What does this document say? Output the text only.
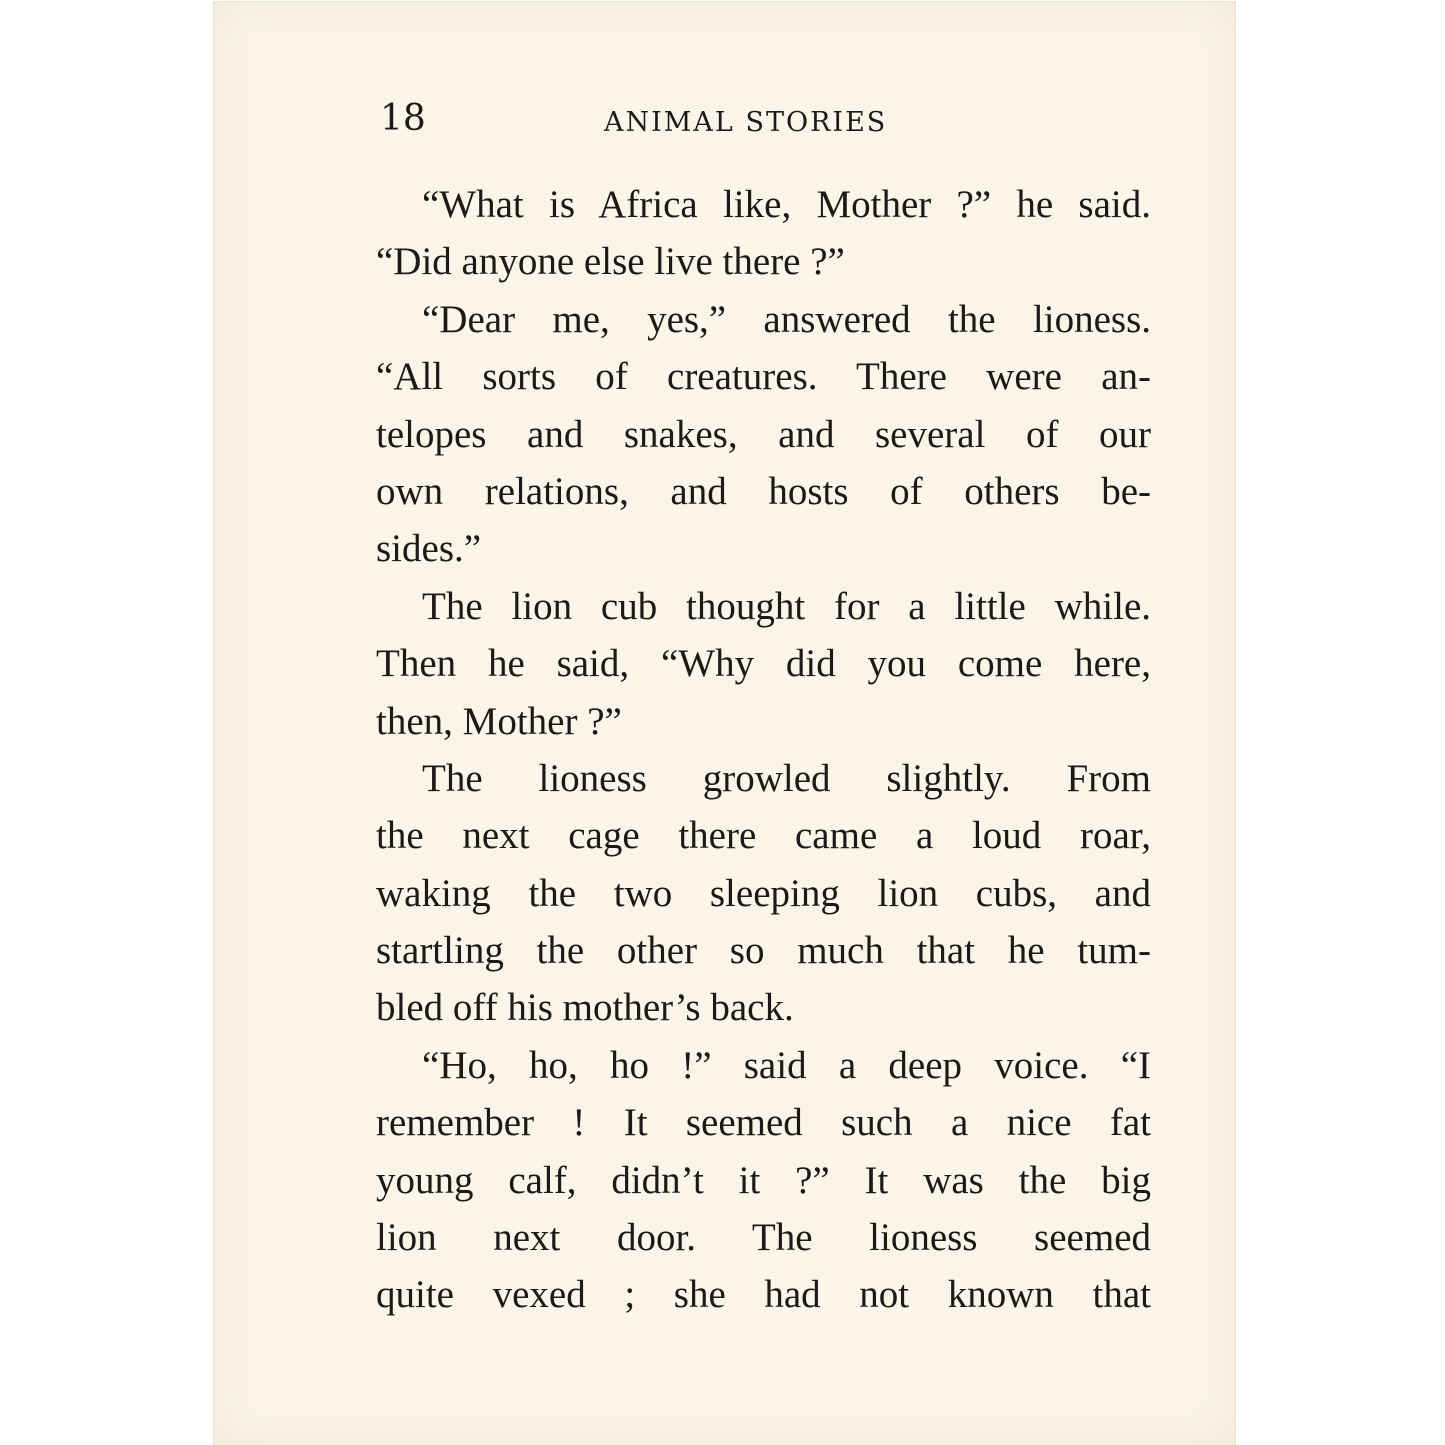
18	ANIMAL STORIES
“What is Africa like, Mother ?” he said.
“Did anyone else live there ?”
“Dear me, yes,” answered the lioness.
“All sorts of creatures. There were an-
telopes and snakes, and several of our
own relations, and hosts of others be-
sides.”
The lion cub thought for a little while.
Then he said, “Why did you come here,
then, Mother ?”
The lioness growled slightly. From
the next cage there came a loud roar,
waking the two sleeping lion cubs, and
startling the other so much that he tum-
bled off his mother’s back.
“Ho, ho, ho !” said a deep voice. “I
remember ! It seemed such a nice fat
young calf, didn’t it ?” It was the big
lion next door. The lioness seemed
quite vexed ; she had not known that
